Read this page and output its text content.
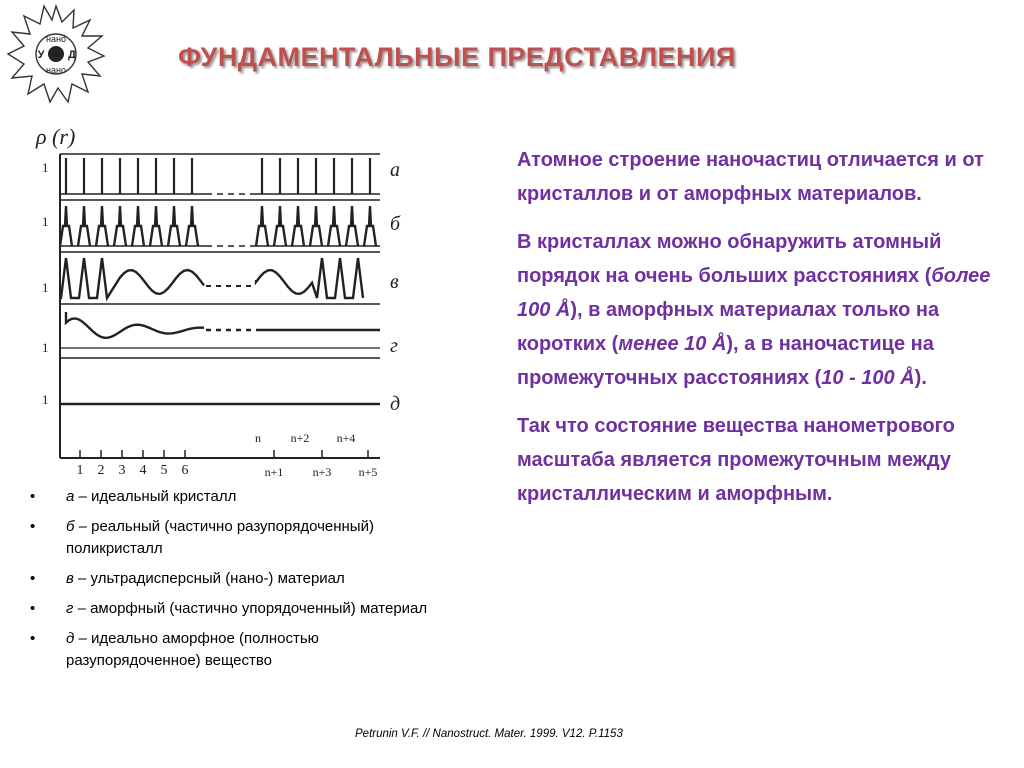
нано
нано
У Д	ФУНДАМЕНТАЛЬНЫЕ ПРЕДСТАВЛЕНИЯ
ρ (r)
1
1
1
1
1
а
б
в
г
д
1 2 3 4 5 6
n n+2 n+4
n+1 n+3 n+5
• а – идеальный кристалл
• б – реальный (частично разупорядоченный) поликристалл
• в – ультрадисперсный (нано-) материал
• г – аморфный (частично упорядоченный) материал
• д – идеально аморфное (полностью разупорядоченное) вещество

Атомное строение наночастиц отличается и от кристаллов и от аморфных материалов.

В кристаллах можно обнаружить атомный порядок на очень больших расстояниях (более 100 Å), в аморфных материалах только на коротких (менее 10 Å), а в наночастице на промежуточных расстояниях (10 - 100 Å).

Так что состояние вещества нанометрового масштаба является промежуточным между кристаллическим и аморфным.

Petrunin V.F. // Nanostruct. Mater. 1999. V12. P.1153
